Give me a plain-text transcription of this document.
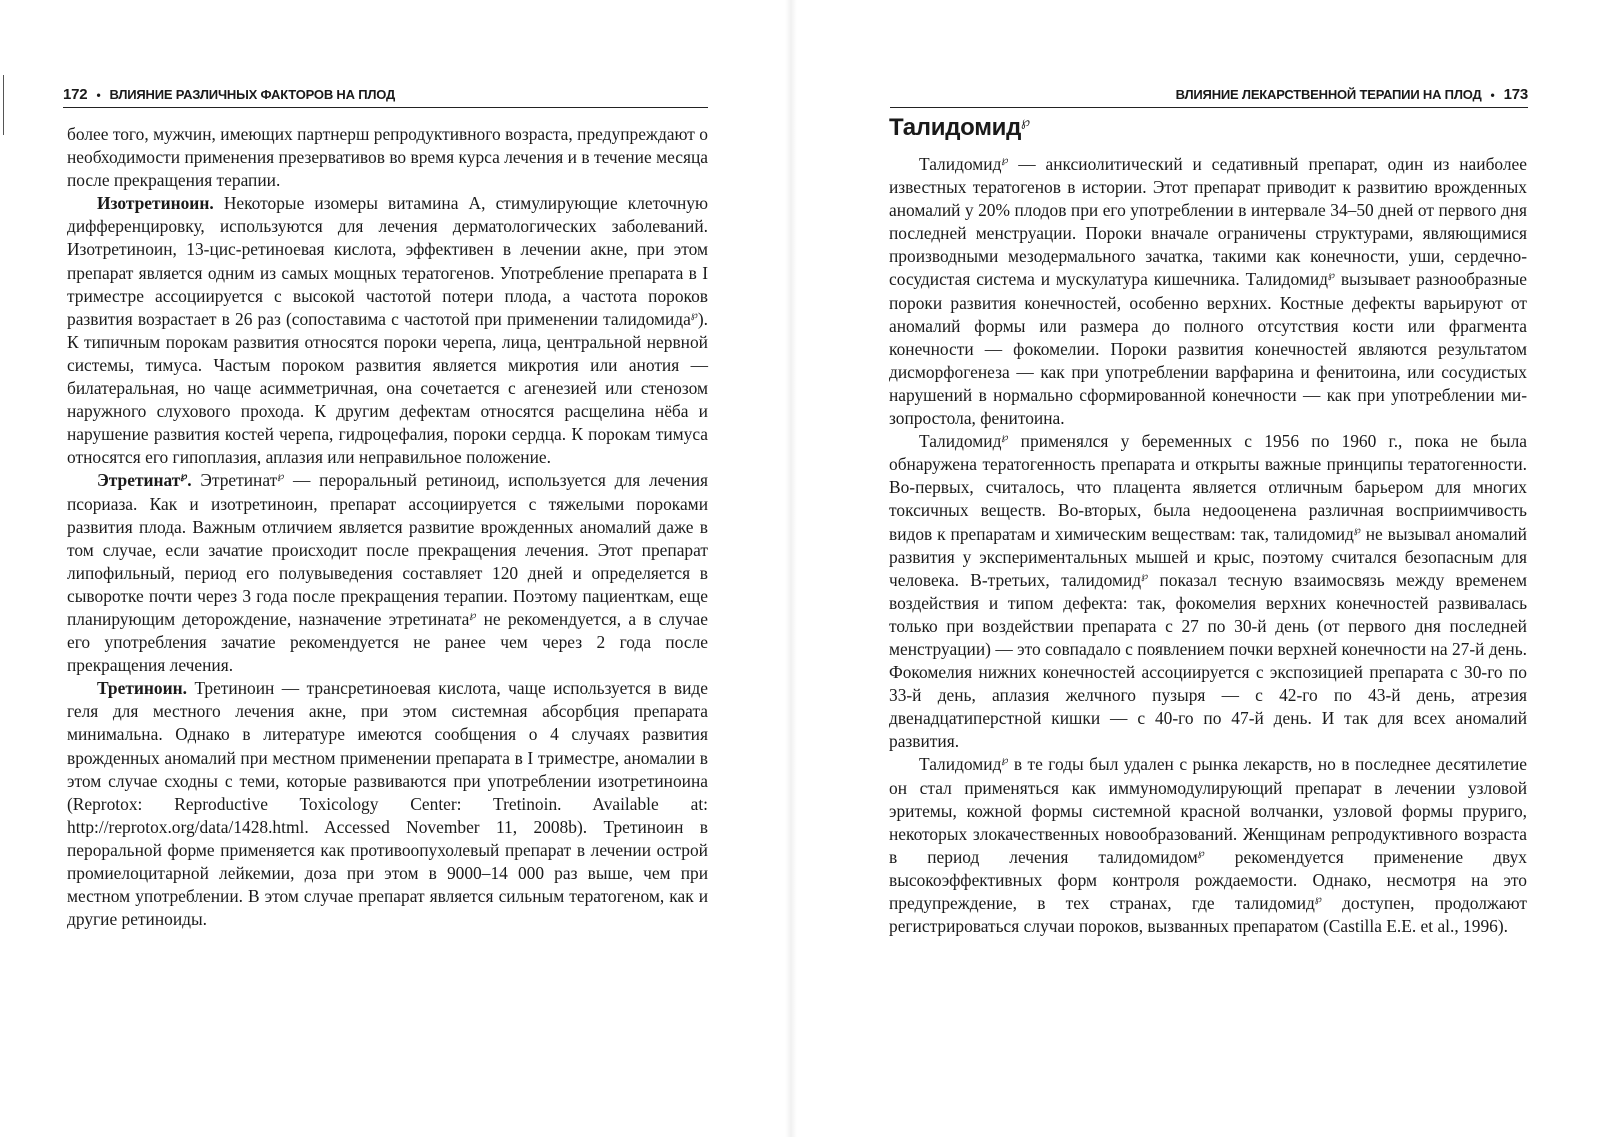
172 • ВЛИЯНИЕ РАЗЛИЧНЫХ ФАКТОРОВ НА ПЛОД

более того, мужчин, имеющих партнерш репродуктивного возраста, предупреждают о необходимости применения презервативов во время курса лечения и в течение месяца после прекращения терапии.

Изотретиноин. Некоторые изомеры витамина А, стимулирующие клеточную дифференцировку, используются для лечения дерматологических заболеваний. Изотретиноин, 13-цис-ретиноевая кислота, эффективен в лечении акне, при этом препарат является одним из самых мощных тератогенов. Употребление препарата в I триместре ассоциируется с высокой частотой потери плода, а частота пороков развития возрастает в 26 раз (сопоставима с частотой при применении талидомида℘). К типичным порокам развития относятся пороки черепа, лица, центральной нервной системы, тимуса. Частым пороком развития является микротия или анотия — билатеральная, но чаще асимметричная, она сочетается с агенезией или стенозом наружного слухового прохода. К другим дефектам относятся расщелина нёба и нарушение развития костей черепа, гидроцефалия, пороки сердца. К порокам тимуса относятся его гипоплазия, аплазия или неправильное положение.

Этретинат℘. Этретинат℘ — пероральный ретиноид, используется для лечения псориаза. Как и изотретиноин, препарат ассоциируется с тяжелыми пороками развития плода. Важным отличием является развитие врожденных аномалий даже в том случае, если зачатие происходит после прекращения лечения. Этот препарат липофильный, период его полувыведения составляет 120 дней и определяется в сыворотке почти через 3 года после прекращения терапии. Поэтому пациенткам, еще планирующим деторождение, назначение этретината℘ не рекомендуется, а в случае его употребления зачатие рекомендуется не ранее чем через 2 года после прекращения лечения.

Третиноин. Третиноин — трансретиноевая кислота, чаще используется в виде геля для местного лечения акне, при этом системная абсорбция препарата минимальна. Однако в литературе имеются сообщения о 4 случаях развития врожденных аномалий при местном применении препарата в I триместре, аномалии в этом случае сходны с теми, которые развиваются при употреблении изотретиноина (Reprotox: Reproductive Toxicology Center: Tretinoin. Available at: http://reprotox.org/data/1428.html. Accessed November 11, 2008b). Третиноин в пероральной форме применяется как противоопухолевый препарат в лечении острой промиелоцитарной лейкемии, доза при этом в 9000–14 000 раз выше, чем при местном употреблении. В этом случае препарат является сильным тератогеном, как и другие ретиноиды.

ВЛИЯНИЕ ЛЕКАРСТВЕННОЙ ТЕРАПИИ НА ПЛОД • 173
Талидомид℘

Талидомид℘ — анксиолитический и седативный препарат, один из наиболее известных тератогенов в истории. Этот препарат приводит к развитию врожденных аномалий у 20% плодов при его употреблении в интервале 34–50 дней от первого дня последней менструации. Пороки вначале ограничены структурами, являющимися производными мезодермального зачатка, такими как конечности, уши, сердечно-сосудистая система и мускулатура кишечника. Талидомид℘ вызывает разнообразные пороки развития конечностей, особенно верхних. Костные дефекты варьируют от аномалий формы или размера до полного отсутствия кости или фрагмента конечности — фокомелии. Пороки развития конечностей являются результатом дисморфогенеза — как при употреблении варфарина и фенитоина, или сосудистых нарушений в нормально сформированной конечности — как при употреблении мизопростола, фенитоина.

Талидомид℘ применялся у беременных с 1956 по 1960 г., пока не была обнаружена тератогенность препарата и открыты важные принципы тератогенности. Во-первых, считалось, что плацента является отличным барьером для многих токсичных веществ. Во-вторых, была недооценена различная восприимчивость видов к препаратам и химическим веществам: так, талидомид℘ не вызывал аномалий развития у экспериментальных мышей и крыс, поэтому считался безопасным для человека. В-третьих, талидомид℘ показал тесную взаимосвязь между временем воздействия и типом дефекта: так, фокомелия верхних конечностей развивалась только при воздействии препарата с 27 по 30-й день (от первого дня последней менструации) — это совпадало с появлением почки верхней конечности на 27-й день. Фокомелия нижних конечностей ассоциируется с экспозицией препарата с 30-го по 33-й день, аплазия желчного пузыря — с 42-го по 43-й день, атрезия двенадцатиперстной кишки — с 40-го по 47-й день. И так для всех аномалий развития.

Талидомид℘ в те годы был удален с рынка лекарств, но в последнее десятилетие он стал применяться как иммуномодулирующий препарат в лечении узловой эритемы, кожной формы системной красной волчанки, узловой формы пруриго, некоторых злокачественных новообразований. Женщинам репродуктивного возраста в период лечения талидомидом℘ рекомендуется применение двух высокоэффективных форм контроля рождаемости. Однако, несмотря на это предупреждение, в тех странах, где талидомид℘ доступен, продолжают регистрироваться случаи пороков, вызванных препаратом (Castilla E.E. et al., 1996).
